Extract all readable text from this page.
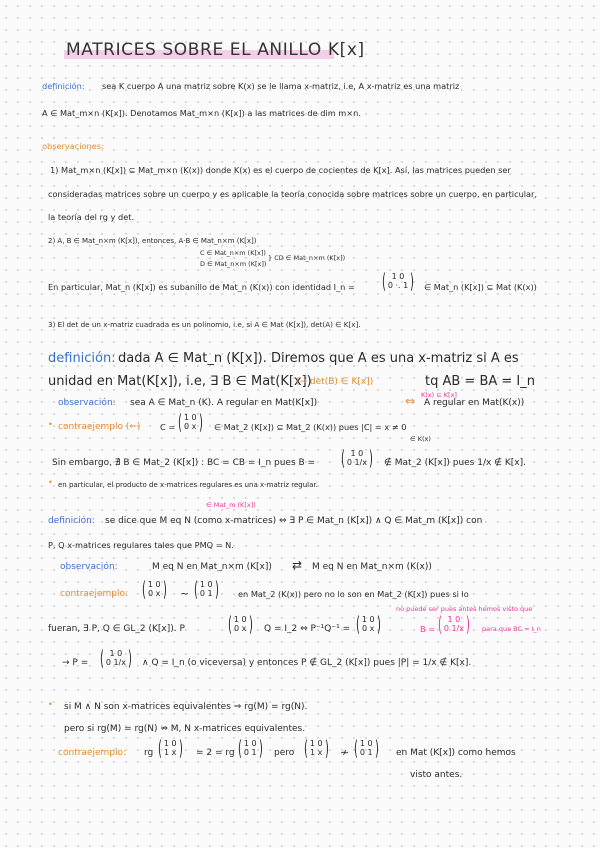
MATRICES SOBRE EL ANILLO K[x]
definición: sea K cuerpo A una matriz sobre K(x) se le llama x-matriz, i.e, A x-matriz es una matriz
A ∈ Mat_m×n (K[x]). Denotamos Mat_m×n (K[x]) a las matrices de dim m×n.
observaciones:
1) Mat_m×n (K[x]) ⊆ Mat_m×n (K(x)) donde K(x) es el cuerpo de cocientes de K[x]. Así, las matrices pueden ser
consideradas matrices sobre un cuerpo y es aplicable la teoría conocida sobre matrices sobre un cuerpo, en particular,
la teoría del rg y det.
2) A, B ∈ Mat_n×m (K[x]), entonces, A·B ∈ Mat_n×m (K[x])
C ∈ Mat_n×m (K[x])
D ∈ Mat_n×m (K[x])
} CD ∈ Mat_n×m (K[x])
En particular, Mat_n (K[x]) es subanillo de Mat_n (K(x)) con identidad I_n = ( 1 0
0 ·. 1 ) ∈ Mat_n (K[x]) ⊆ Mat (K(x))
3) El det de un x-matriz cuadrada es un polinomio, i.e, si A ∈ Mat (K[x]), det(A) ∈ K[x].
definición: dada A ∈ Mat_n (K[x]). Diremos que A es una x-matriz si A es
unidad en Mat(K[x]), i.e, ∃ B ∈ Mat(K[x])
(→ det(B) ∈ K[x])	tq AB = BA = I_n
K(x) ⊆ K[x]
observación: sea A ∈ Mat_n (K). A regular en Mat(K[x])	⇔ A regular en Mat(K(x))
• contraejemplo (⇐) C = ( 1 0
0 x ) ∈ Mat_2 (K[x]) ⊆ Mat_2 (K(x)) pues |C| = x ≠ 0
∈ K(x)
Sin embargo, ∄ B ∈ Mat_2 (K[x]) : BC = CB = I_n pues B = ( 1 0
0 1/x ) ∉ Mat_2 (K[x]) pues 1/x ∉ K[x].
• en particular, el producto de x-matrices regulares es una x-matriz regular.
∈ Mat_m (K[x])
definición: se dice que M eq N (como x-matrices) ⇔ ∃ P ∈ Mat_n (K[x]) ∧ Q ∈ Mat_m (K[x]) con
P, Q x-matrices regulares tales que PMQ = N.
observación:	M eq N en Mat_n×m (K[x]) ⇄ M eq N en Mat_n×m (K(x))
contraejemplo: ( 1 0
0 x ) ~ ( 1 0
0 1 ) en Mat_2 (K(x)) pero no lo son en Mat_2 (K[x]) pues si lo
no puede ser pues antes hemos visto que
fueran, ∃ P, Q ∈ GL_2 (K[x]). P ( 1 0
0 x ) Q = I_2 ⇔ P⁻¹Q⁻¹ = ( 1 0
0 x )	B = ( 1 0
0 1/x )	para que BC = I_n
→ P = ( 1 0
0 1/x ) ∧ Q = I_n (o viceversa) y entonces P ∉ GL_2 (K[x]) pues |P| = 1/x ∉ K[x].
• si M ∧ N son x-matrices equivalentes ⇒ rg(M) = rg(N).
pero si rg(M) = rg(N) ⇏ M, N x-matrices equivalentes.
contraejemplo: rg ( 1 0
1 x ) = 2 = rg ( 1 0
0 1 ) pero ( 1 0
1 x ) ≁ ( 1 0
0 1 ) en Mat (K[x]) como hemos
visto antes.
